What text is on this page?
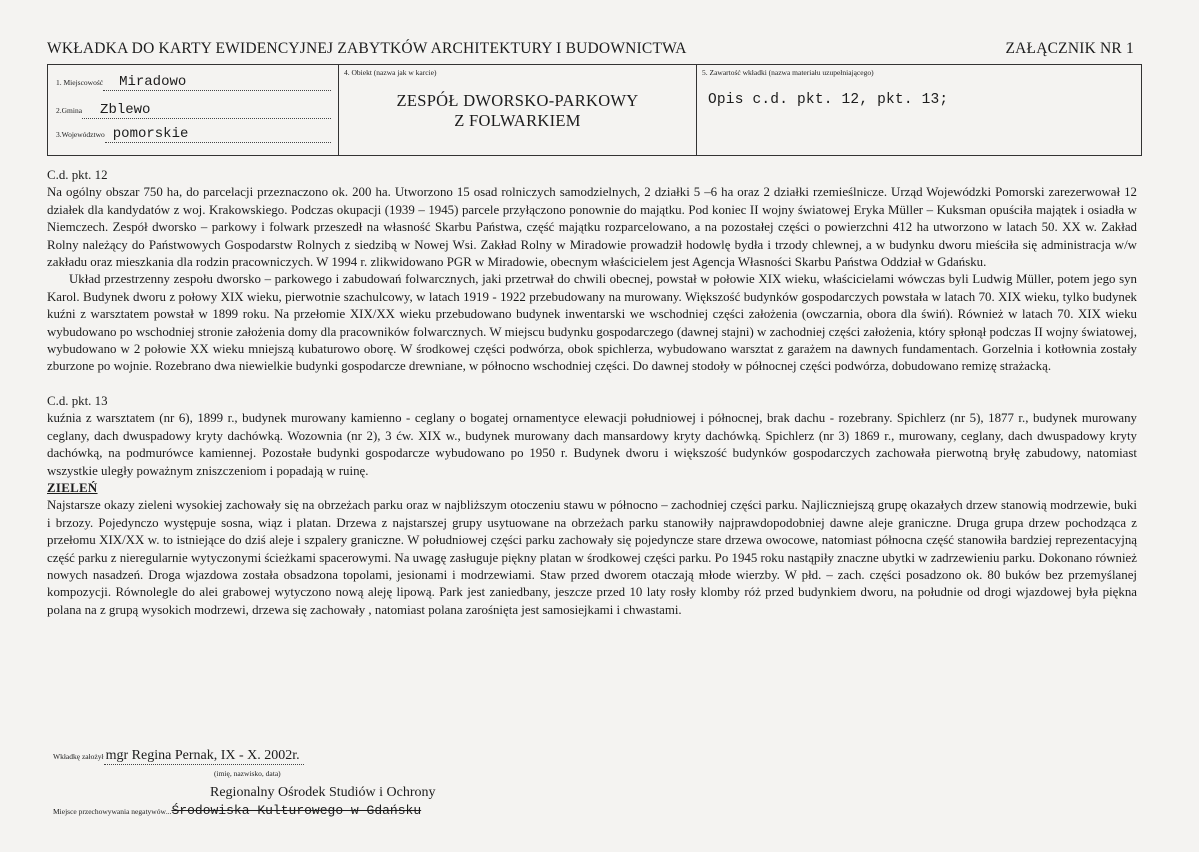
WKŁADKA DO KARTY EWIDENCYJNEJ ZABYTKÓW ARCHITEKTURY I BUDOWNICTWA	ZAŁĄCZNIK NR 1
1. Miejscowość	Miradowo
2.Gmina	Zblewo
3.Województwo pomorskie
4. Obiekt (nazwa jak w karcie)
ZESPÓŁ DWORSKO-PARKOWY
Z FOLWARKIEM
5. Zawartość wkładki (nazwa materiału uzupełniającego)
Opis c.d. pkt. 12, pkt. 13;

C.d. pkt. 12

Na ogólny obszar 750 ha, do parcelacji przeznaczono ok. 200 ha. Utworzono 15 osad rolniczych samodzielnych, 2 działki 5 –6 ha oraz 2 działki rzemieślnicze. Urząd Wojewódzki Pomorski zarezerwował 12 działek dla kandydatów z woj. Krakowskiego. Podczas okupacji (1939 – 1945) parcele przyłączono ponownie do majątku. Pod koniec II wojny światowej Eryka Müller – Kuksman opuściła majątek i osiadła w Niemczech. Zespół dworsko – parkowy i folwark przeszedł na własność Skarbu Państwa, część majątku rozparcelowano, a na pozostałej części o powierzchni 412 ha utworzono w latach 50. XX w. Zakład Rolny należący do Państwowych Gospodarstw Rolnych z siedzibą w Nowej Wsi. Zakład Rolny w Miradowie prowadził hodowlę bydła i trzody chlewnej, a w budynku dworu mieściła się administracja w/w zakładu oraz mieszkania dla rodzin pracowniczych. W 1994 r. zlikwidowano PGR w Miradowie, obecnym właścicielem jest Agencja Własności Skarbu Państwa Oddział w Gdańsku.

Układ przestrzenny zespołu dworsko – parkowego i zabudowań folwarcznych, jaki przetrwał do chwili obecnej, powstał w połowie XIX wieku, właścicielami wówczas byli Ludwig Müller, potem jego syn Karol. Budynek dworu z połowy XIX wieku, pierwotnie szachulcowy, w latach 1919 - 1922 przebudowany na murowany. Większość budynków gospodarczych powstała w latach 70. XIX wieku, tylko budynek kuźni z warsztatem powstał w 1899 roku. Na przełomie XIX/XX wieku przebudowano budynek inwentarski we wschodniej części założenia (owczarnia, obora dla świń). Również w latach 70. XIX wieku wybudowano po wschodniej stronie założenia domy dla pracowników folwarcznych. W miejscu budynku gospodarczego (dawnej stajni) w zachodniej części założenia, który spłonął podczas II wojny światowej, wybudowano w 2 połowie XX wieku mniejszą kubaturowo oborę. W środkowej części podwórza, obok spichlerza, wybudowano warsztat z garażem na dawnych fundamentach. Gorzelnia i kotłownia zostały zburzone po wojnie. Rozebrano dwa niewielkie budynki gospodarcze drewniane, w północno wschodniej części. Do dawnej stodoły w północnej części podwórza, dobudowano remizę strażacką.

C.d. pkt. 13

kuźnia z warsztatem (nr 6), 1899 r., budynek murowany kamienno - ceglany o bogatej ornamentyce elewacji południowej i północnej, brak dachu - rozebrany. Spichlerz (nr 5), 1877 r., budynek murowany ceglany, dach dwuspadowy kryty dachówką. Wozownia (nr 2), 3 ćw. XIX w., budynek murowany dach mansardowy kryty dachówką. Spichlerz (nr 3) 1869 r., murowany, ceglany, dach dwuspadowy kryty dachówką, na podmurówce kamiennej. Pozostałe budynki gospodarcze wybudowano po 1950 r. Budynek dworu i większość budynków gospodarczych zachowała pierwotną bryłę zabudowy, natomiast wszystkie uległy poważnym zniszczeniom i popadają w ruinę.

ZIELEŃ

Najstarsze okazy zieleni wysokiej zachowały się na obrzeżach parku oraz w najbliższym otoczeniu stawu w północno – zachodniej części parku. Najliczniejszą grupę okazałych drzew stanowią modrzewie, buki i brzozy. Pojedynczo występuje sosna, wiąz i platan. Drzewa z najstarszej grupy usytuowane na obrzeżach parku stanowiły najprawdopodobniej dawne aleje graniczne. Druga grupa drzew pochodząca z przełomu XIX/XX w. to istniejące do dziś aleje i szpalery graniczne. W południowej części parku zachowały się pojedyncze stare drzewa owocowe, natomiast północna część stanowiła bardziej reprezentacyjną część parku z nieregularnie wytyczonymi ścieżkami spacerowymi. Na uwagę zasługuje piękny platan w środkowej części parku. Po 1945 roku nastąpiły znaczne ubytki w zadrzewieniu parku. Dokonano również nowych nasadzeń. Droga wjazdowa została obsadzona topolami, jesionami i modrzewiami. Staw przed dworem otaczają młode wierzby. W płd. – zach. części posadzono ok. 80 buków bez przemyślanej kompozycji. Równolegle do alei grabowej wytyczono nową aleję lipową. Park jest zaniedbany, jeszcze przed 10 laty rosły klomby róż przed budynkiem dworu, na południe od drogi wjazdowej była piękna polana na z grupą wysokich modrzewi, drzewa się zachowały , natomiast polana zarośnięta jest samosiejkami i chwastami.

Wkładkę założył mgr Regina Pernak, IX - X. 2002r.
(imię, nazwisko, data)
Regionalny Ośrodek Studiów i Ochrony
Miejsce przechowywania negatywów ... Środowiska Kulturowego w Gdańsku
